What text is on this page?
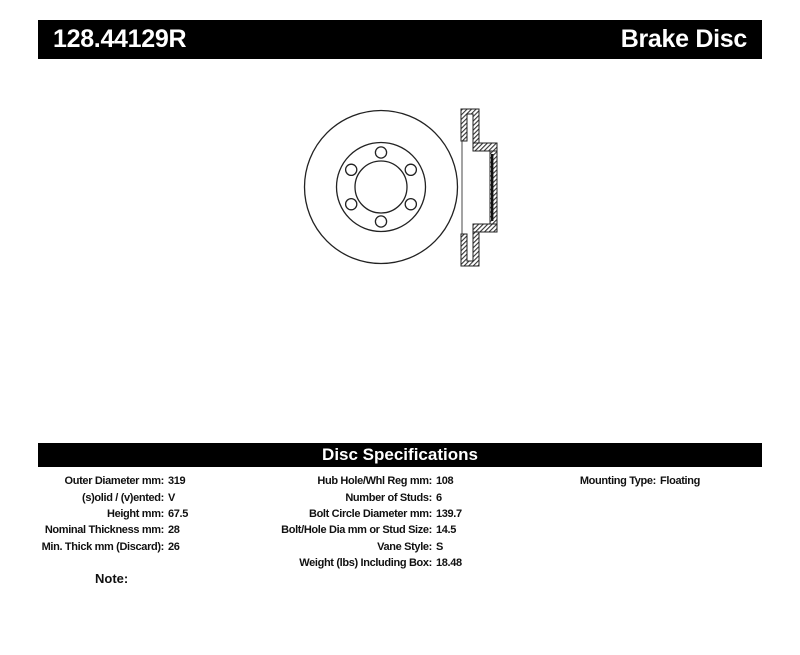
128.44129R	Brake Disc
Disc Specifications
Outer Diameter mm: 319
(s)olid / (v)ented: V
Height mm: 67.5
Nominal Thickness mm: 28
Min. Thick mm (Discard): 26
Hub Hole/Whl Reg mm: 108
Number of Studs: 6
Bolt Circle Diameter mm: 139.7
Bolt/Hole Dia mm or Stud Size: 14.5
Vane Style: S
Weight (lbs) Including Box: 18.48
Mounting Type: Floating
Note:
